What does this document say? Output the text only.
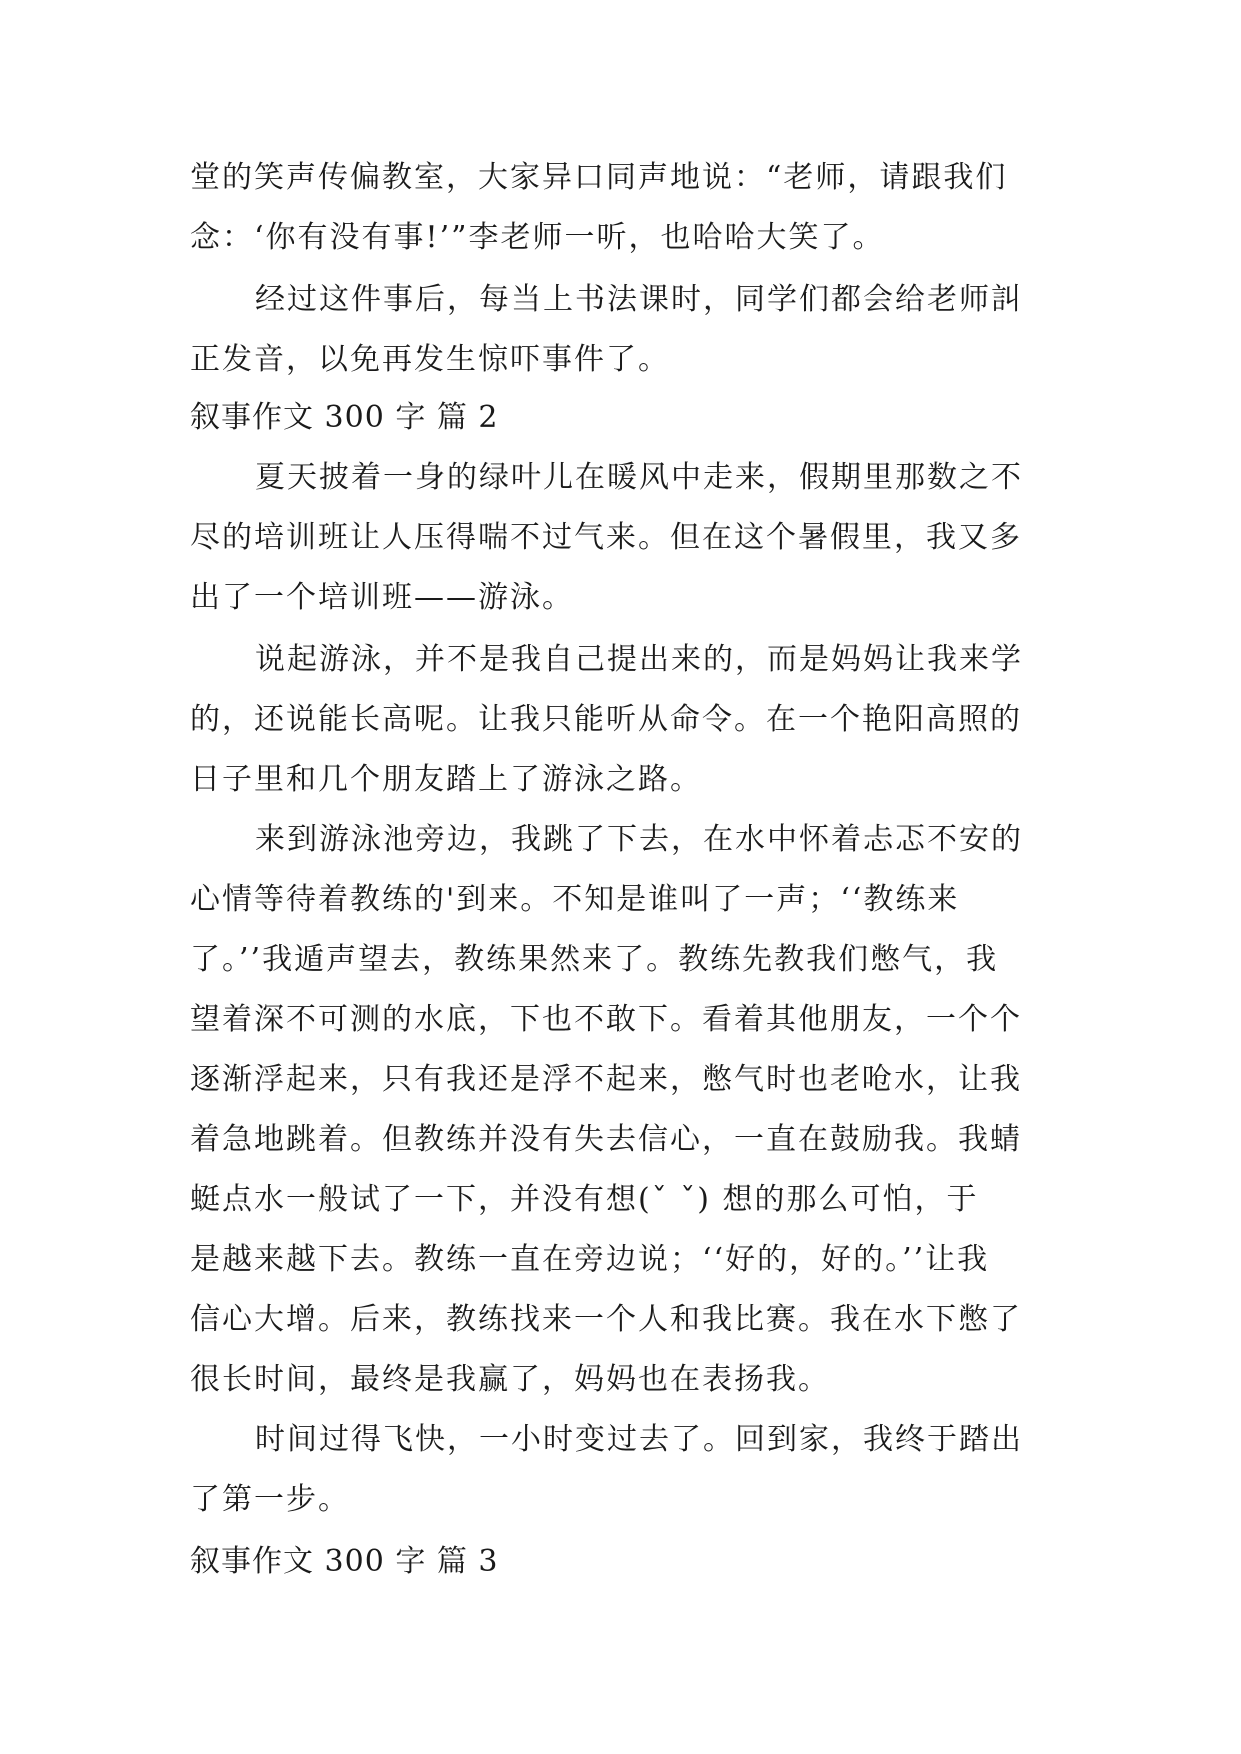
堂的笑声传偏教室，大家异口同声地说：“老师，请跟我们
念：‘你有没有事!’”李老师一听，也哈哈大笑了。
经过这件事后，每当上书法课时，同学们都会给老师訆
正发音，以免再发生惊吓事件了。
叙事作文 300 字 篇 2
夏天披着一身的绿叶儿在暖风中走来，假期里那数之不
尽的培训班让人压得喘不过气来。但在这个暑假里，我又多
出了一个培训班——游泳。
说起游泳，并不是我自己提出来的，而是妈妈让我来学
的，还说能长高呢。让我只能听从命令。在一个艳阳高照的
日子里和几个朋友踏上了游泳之路。
来到游泳池旁边，我跳了下去，在水中怀着忐忑不安的
心情等待着教练的'到来。不知是谁叫了一声；‘‘教练来
了。’’我遁声望去，教练果然来了。教练先教我们憋气，我
望着深不可测的水底，下也不敢下。看着其他朋友，一个个
逐渐浮起来，只有我还是浮不起来，憋气时也老呛水，让我
着急地跳着。但教练并没有失去信心，一直在鼓励我。我蜻
蜓点水一般试了一下，并没有想(ˇ ˇ) 想的那么可怕，于
是越来越下去。教练一直在旁边说；‘‘好的，好的。’’让我
信心大增。后来，教练找来一个人和我比赛。我在水下憋了
很长时间，最终是我赢了，妈妈也在表扬我。
时间过得飞快，一小时变过去了。回到家，我终于踏出
了第一步。
叙事作文 300 字 篇 3
